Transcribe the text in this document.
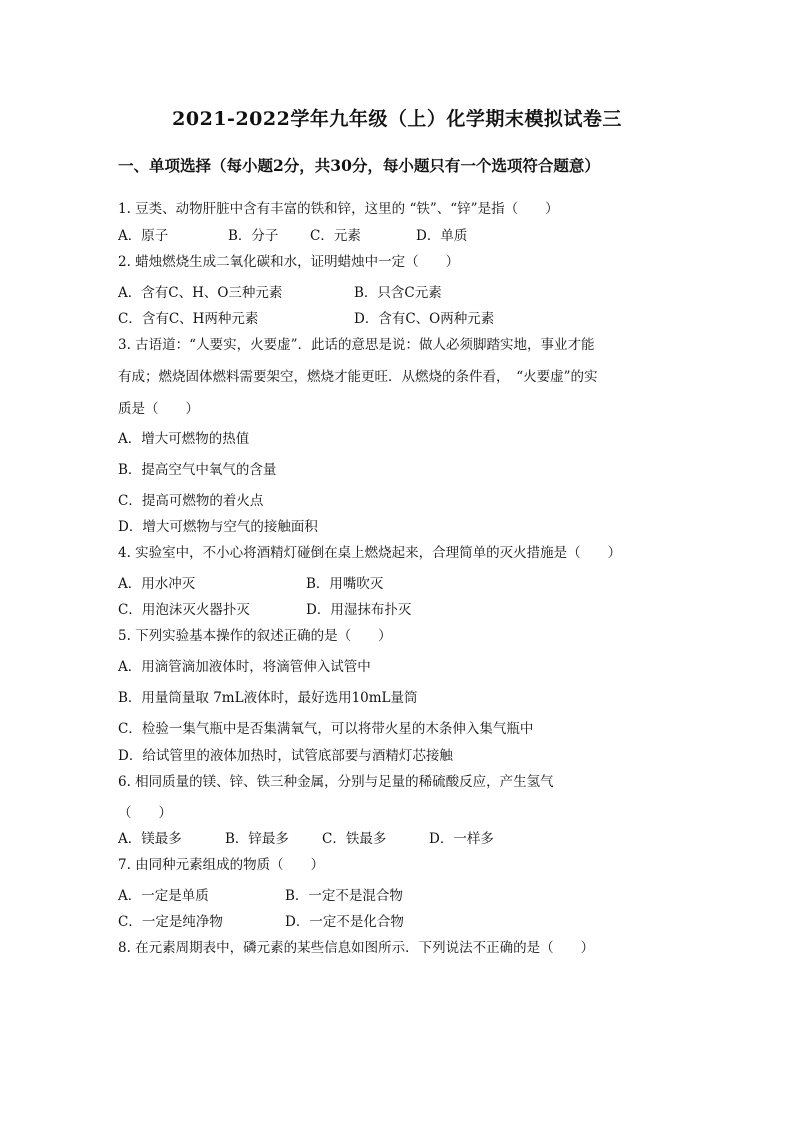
2021-2022学年九年级（上）化学期末模拟试卷三
一、单项选择（每小题2分，共30分，每小题只有一个选项符合题意）
1. 豆类、动物肝脏中含有丰富的铁和锌，这里的 “铁”、“锌”是指（　　）
A．原子	B．分子 C．元素	D．单质
2. 蜡烛燃烧生成二氧化碳和水，证明蜡烛中一定（　　）
A．含有C、H、O三种元素	B．只含C元素
C．含有C、H两种元素	D．含有C、O两种元素
3. 古语道：“人要实，火要虚”．此话的意思是说：做人必须脚踏实地，事业才能
有成；燃烧固体燃料需要架空，燃烧才能更旺．从燃烧的条件看，　“火要虚”的实
质是（　　）
A．增大可燃物的热值
B．提高空气中氧气的含量
C．提高可燃物的着火点
D．增大可燃物与空气的接触面积
4. 实验室中，不小心将酒精灯碰倒在桌上燃烧起来，合理简单的灭火措施是（　　）
A．用水冲灭	B．用嘴吹灭
C．用泡沫灭火器扑灭	D．用湿抹布扑灭
5. 下列实验基本操作的叙述正确的是（　　）
A．用滴管滴加液体时，将滴管伸入试管中
B．用量筒量取 7mL液体时，最好选用10mL量筒
C．检验一集气瓶中是否集满氧气，可以将带火星的木条伸入集气瓶中
D．给试管里的液体加热时，试管底部要与酒精灯芯接触
6. 相同质量的镁、锌、铁三种金属，分别与足量的稀硫酸反应，产生氢气
（　　）
A．镁最多	B．锌最多 C．铁最多	D．一样多
7. 由同种元素组成的物质（　　）
A．一定是单质	B．一定不是混合物
C．一定是纯净物	D．一定不是化合物
8. 在元素周期表中，磷元素的某些信息如图所示．下列说法不正确的是（　　）
